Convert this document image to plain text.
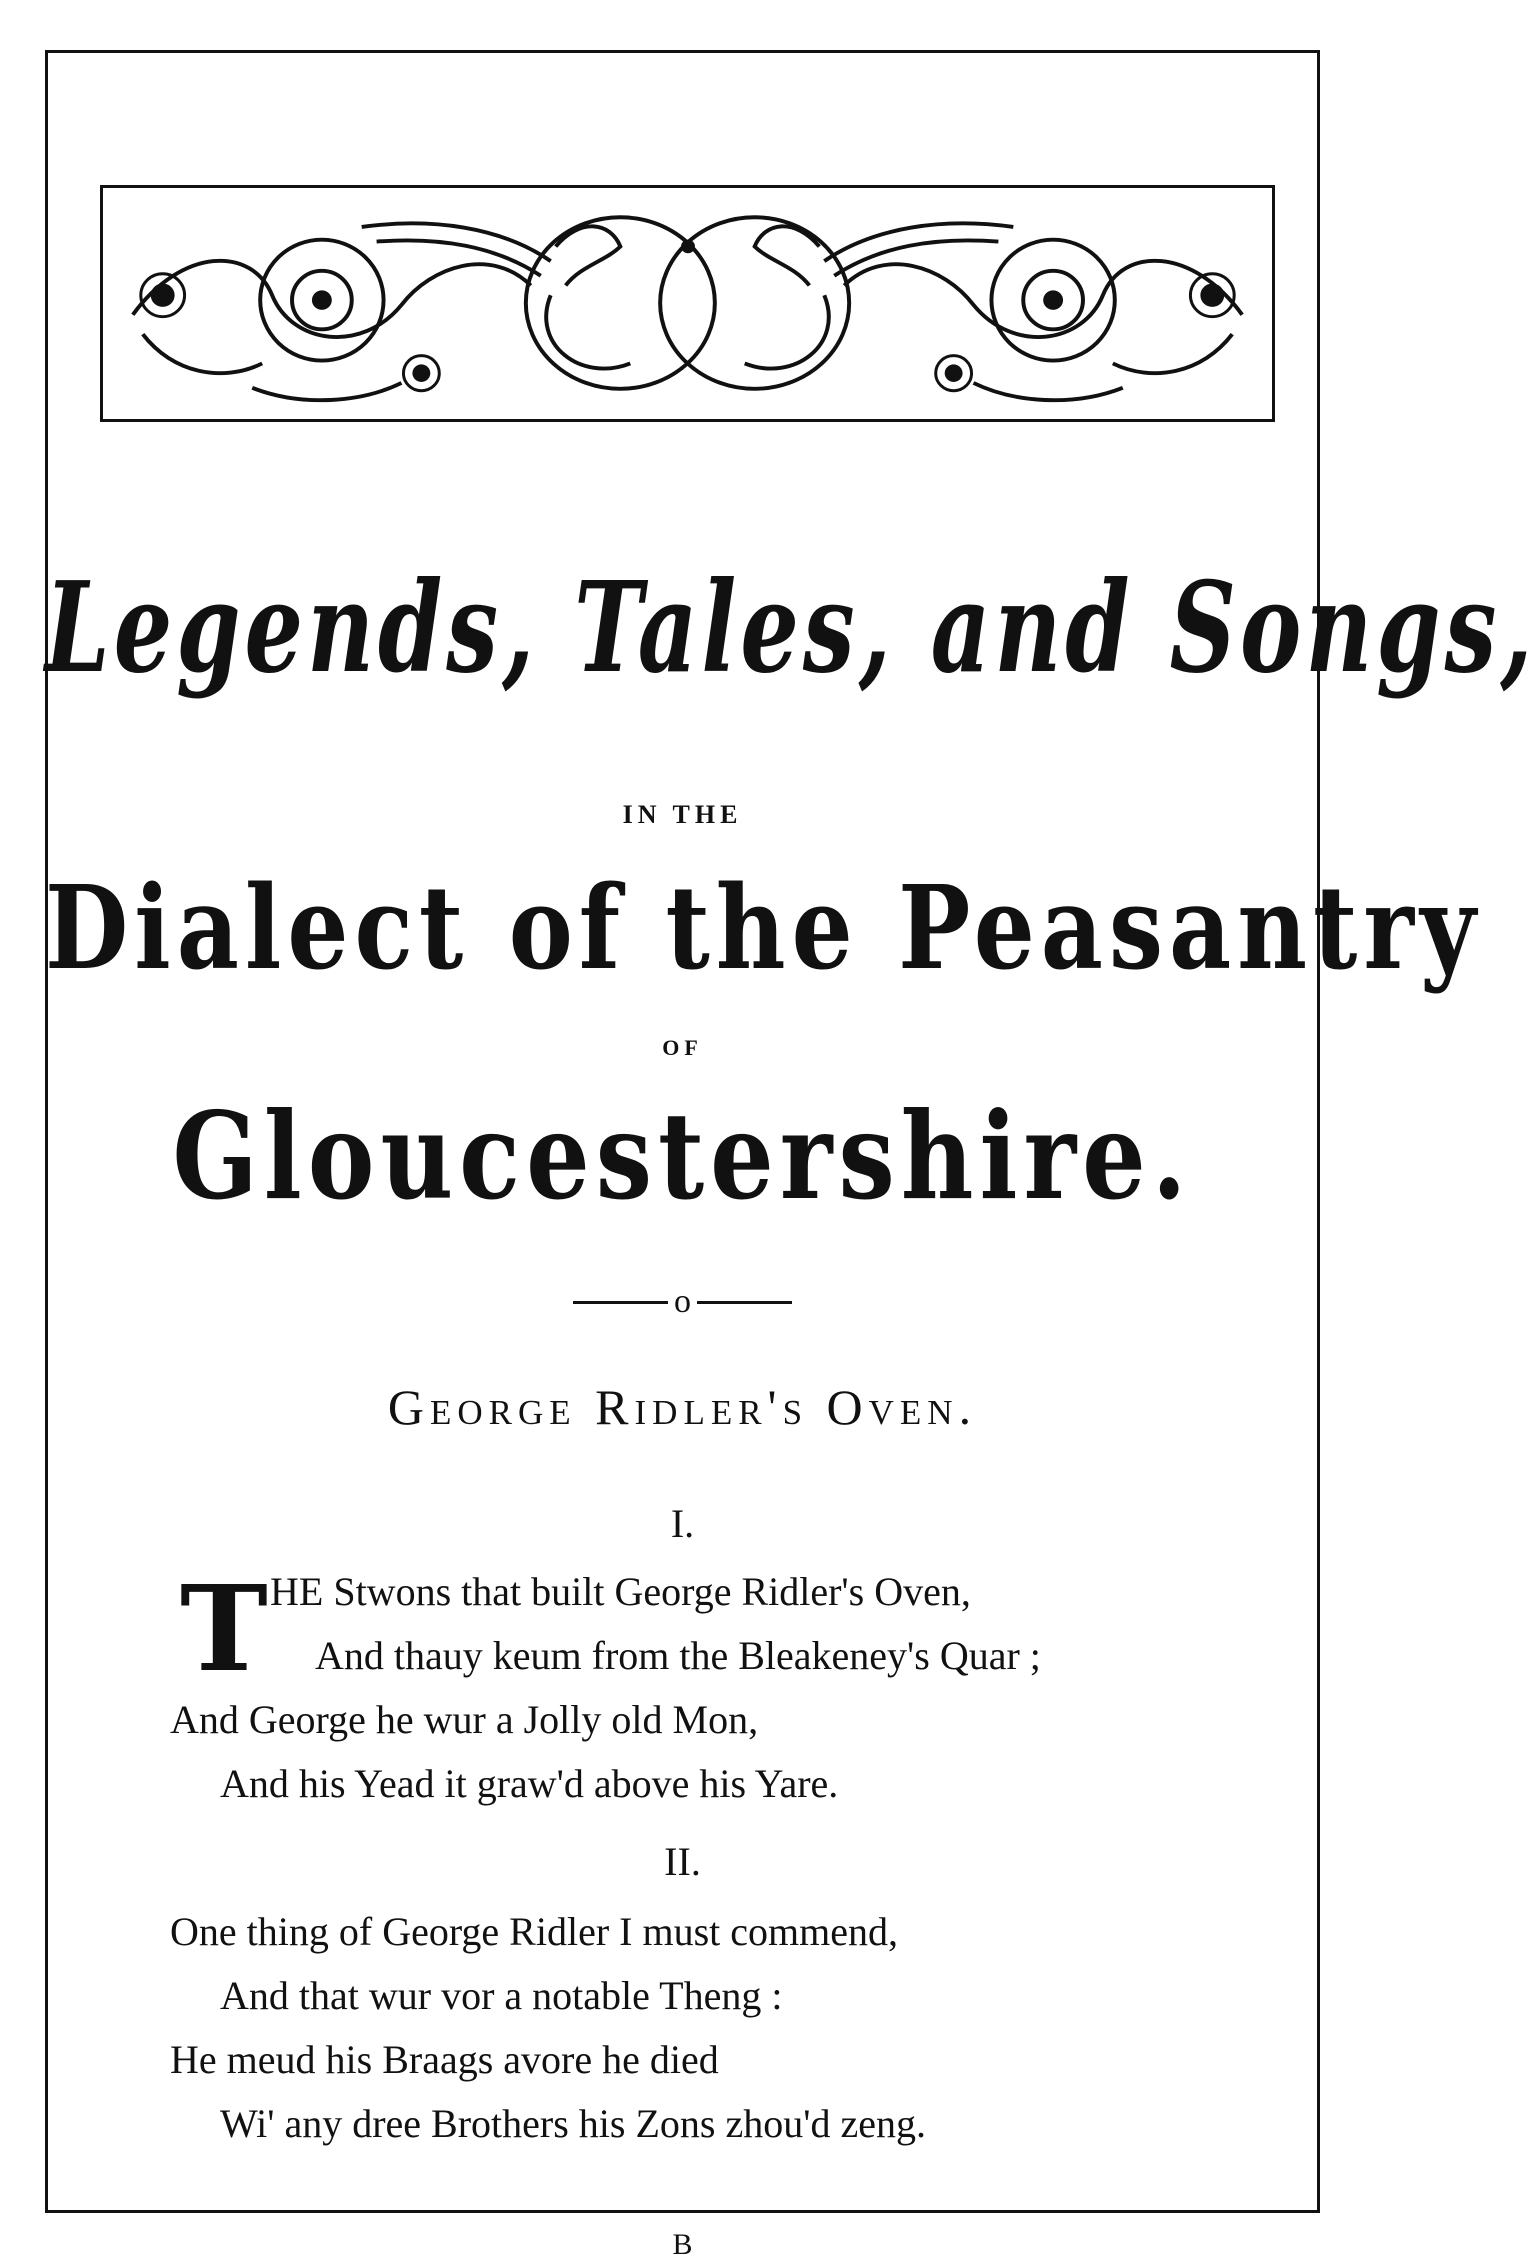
Legends, Tales, and Songs,
IN THE
Dialect of the Peasantry
OF
Gloucestershire.
o
George Ridler's Oven.
I.
T HE Stwons that built George Ridler's Oven,
And thauy keum from the Bleakeney's Quar ;
And George he wur a Jolly old Mon,
And his Yead it graw'd above his Yare.
II.
One thing of George Ridler I must commend,
And that wur vor a notable Theng :
He meud his Braags avore he died
Wi' any dree Brothers his Zons zhou'd zeng.
B
